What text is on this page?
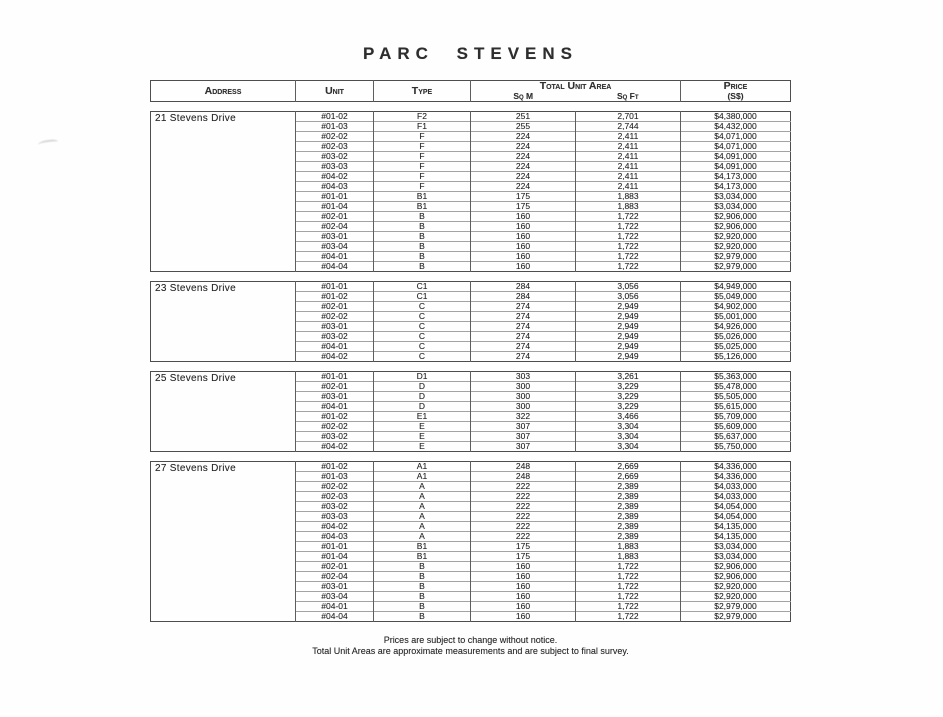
PARC STEVENS
Address	Unit	Type	Total Unit Area		Price
			Sq M	Sq Ft	(S$)
21 Stevens Drive	#01-02	F2	251	2,701	$4,380,000
	#01-03	F1	255	2,744	$4,432,000
	#02-02	F	224	2,411	$4,071,000
	#02-03	F	224	2,411	$4,071,000
	#03-02	F	224	2,411	$4,091,000
	#03-03	F	224	2,411	$4,091,000
	#04-02	F	224	2,411	$4,173,000
	#04-03	F	224	2,411	$4,173,000
	#01-01	B1	175	1,883	$3,034,000
	#01-04	B1	175	1,883	$3,034,000
	#02-01	B	160	1,722	$2,906,000
	#02-04	B	160	1,722	$2,906,000
	#03-01	B	160	1,722	$2,920,000
	#03-04	B	160	1,722	$2,920,000
	#04-01	B	160	1,722	$2,979,000
	#04-04	B	160	1,722	$2,979,000
23 Stevens Drive	#01-01	C1	284	3,056	$4,949,000
	#01-02	C1	284	3,056	$5,049,000
	#02-01	C	274	2,949	$4,902,000
	#02-02	C	274	2,949	$5,001,000
	#03-01	C	274	2,949	$4,926,000
	#03-02	C	274	2,949	$5,026,000
	#04-01	C	274	2,949	$5,025,000
	#04-02	C	274	2,949	$5,126,000
25 Stevens Drive	#01-01	D1	303	3,261	$5,363,000
	#02-01	D	300	3,229	$5,478,000
	#03-01	D	300	3,229	$5,505,000
	#04-01	D	300	3,229	$5,615,000
	#01-02	E1	322	3,466	$5,709,000
	#02-02	E	307	3,304	$5,609,000
	#03-02	E	307	3,304	$5,637,000
	#04-02	E	307	3,304	$5,750,000
27 Stevens Drive	#01-02	A1	248	2,669	$4,336,000
	#01-03	A1	248	2,669	$4,336,000
	#02-02	A	222	2,389	$4,033,000
	#02-03	A	222	2,389	$4,033,000
	#03-02	A	222	2,389	$4,054,000
	#03-03	A	222	2,389	$4,054,000
	#04-02	A	222	2,389	$4,135,000
	#04-03	A	222	2,389	$4,135,000
	#01-01	B1	175	1,883	$3,034,000
	#01-04	B1	175	1,883	$3,034,000
	#02-01	B	160	1,722	$2,906,000
	#02-04	B	160	1,722	$2,906,000
	#03-01	B	160	1,722	$2,920,000
	#03-04	B	160	1,722	$2,920,000
	#04-01	B	160	1,722	$2,979,000
	#04-04	B	160	1,722	$2,979,000
Prices are subject to change without notice.
Total Unit Areas are approximate measurements and are subject to final survey.
